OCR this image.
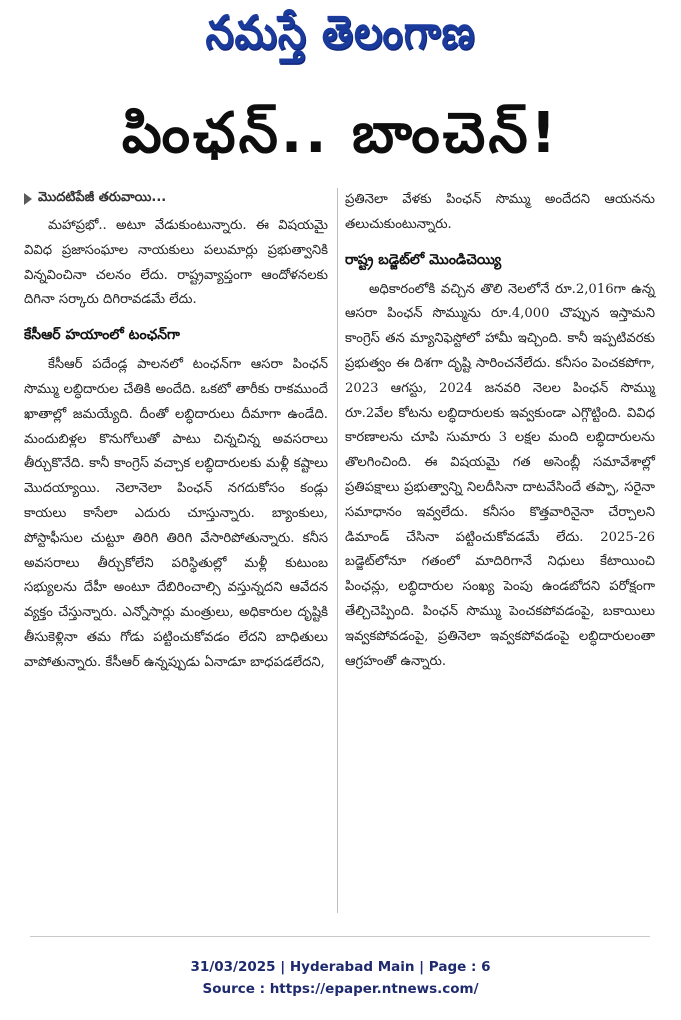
నమస్తే తెలంగాణ
పింఛన్.. బాంచెన్!
మొదటిపేజీ తరువాయి...

మహాప్రభో.. అటూ వేడుకుంటున్నారు. ఈ విషయమై వివిధ ప్రజాసంఘాల నాయకులు పలుమార్లు ప్రభుత్వానికి విన్నవించినా చలనం లేదు. రాష్ట్రవ్యాప్తంగా ఆందోళనలకు దిగినా సర్కారు దిగిరావడమే లేదు.

కేసీఆర్ హయాంలో టంఛన్‌గా

కేసీఆర్ పదేండ్ల పాలనలో టంఛన్‌గా ఆసరా పింఛన్ సొమ్ము లబ్ధిదారుల చేతికి అందేది. ఒకటో తారీకు రాకముందే ఖాతాల్లో జమయ్యేది. దీంతో లబ్ధిదారులు దీమాగా ఉండేది. మందుబిళ్లల కొనుగోలుతో పాటు చిన్నచిన్న అవసరాలు తీర్చుకొనేది. కానీ కాంగ్రెస్ వచ్చాక లబ్ధిదారులకు మళ్లీ కష్టాలు మొదయ్యాయి. నెలానెలా పింఛన్ నగదుకోసం కండ్లు కాయలు కాసేలా ఎదురు చూస్తున్నారు. బ్యాంకులు, పోస్టాఫీసుల చుట్టూ తిరిగి తిరిగి వేసారిపోతున్నారు. కనీస అవసరాలు తీర్చుకోలేని పరిస్థితుల్లో మళ్లీ కుటుంబ సభ్యులను దేహీ అంటూ దేబిరించాల్సి వస్తున్నదని ఆవేదన వ్యక్తం చేస్తున్నారు. ఎన్నోసార్లు మంత్రులు, అధికారుల దృష్టికి తీసుకెళ్లినా తమ గోడు పట్టించుకోవడం లేదని బాధితులు వాపోతున్నారు. కేసీఆర్ ఉన్నప్పుడు ఏనాడూ బాధపడలేదని,

ప్రతినెలా వేళకు పింఛన్ సొమ్ము అందేదని ఆయనను తలుచుకుంటున్నారు.

రాష్ట్ర బడ్జెట్‌లో మొండిచెయ్యి

అధికారంలోకి వచ్చిన తొలి నెలలోనే రూ.2,016గా ఉన్న ఆసరా పింఛన్ సొమ్మును రూ.4,000 చొప్పున ఇస్తామని కాంగ్రెస్ తన మ్యానిఫెస్టోలో హామీ ఇచ్చింది. కానీ ఇప్పటివరకు ప్రభుత్వం ఈ దిశగా దృష్టి సారించనేలేదు. కనీసం పెంచకపోగా, 2023 ఆగస్టు, 2024 జనవరి నెలల పింఛన్ సొమ్ము రూ.2వేల కోటను లబ్ధిదారులకు ఇవ్వకుండా ఎగ్గొట్టింది. వివిధ కారణాలను చూపి సుమారు 3 లక్షల మంది లబ్ధిదారులను తొలగించింది. ఈ విషయమై గత అసెంబ్లీ సమావేశాల్లో ప్రతిపక్షాలు ప్రభుత్వాన్ని నిలదీసినా దాటవేసిందే తప్పా, సరైనా సమాధానం ఇవ్వలేదు. కనీసం కొత్తవారినైనా చేర్చాలని డిమాండ్ చేసినా పట్టించుకోవడమే లేదు. 2025-26 బడ్జెట్‌లోనూ గతంలో మాదిరిగానే నిధులు కేటాయించి పింఛన్లు, లబ్ధిదారుల సంఖ్య పెంపు ఉండబోదని పరోక్షంగా తేల్చిచెప్పింది. పింఛన్ సొమ్ము పెంచకపోవడంపై, బకాయిలు ఇవ్వకపోవడంపై, ప్రతినెలా ఇవ్వకపోవడంపై లబ్ధిదారులంతా ఆగ్రహంతో ఉన్నారు.

31/03/2025 | Hyderabad Main | Page : 6
Source : https://epaper.ntnews.com/
